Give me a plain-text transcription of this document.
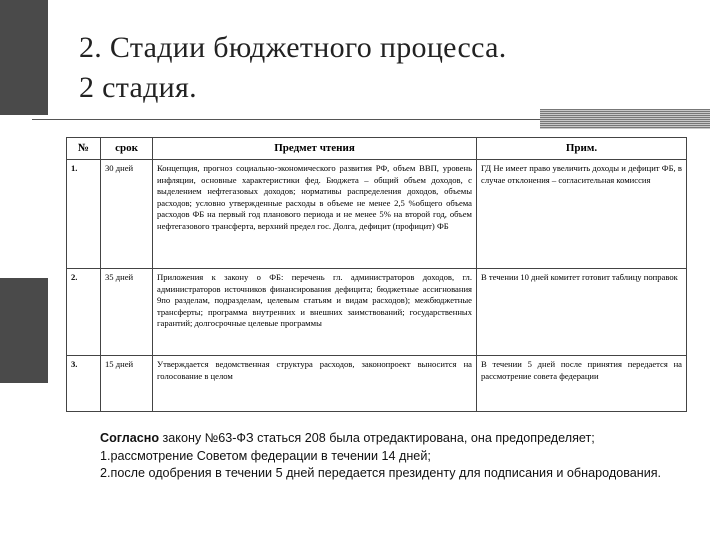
2. Стадии бюджетного процесса.
2 стадия.
№	срок	Предмет чтения	Прим.
1.	30 дней	Концепция, прогноз социально-экономического развития РФ, объем ВВП, уровень инфляции, основные характеристики фед. Бюджета – общий объем доходов, с выделением нефтегазовых доходов; нормативы распределения доходов, объемы расходов; условно утвержденные расходы в объеме не менее 2,5 %общего объема расходов ФБ на первый год планового периода и не менее 5% на второй год, объем нефтегазового трансферта, верхний предел гос. Долга, дефицит (профицит) ФБ	ГД Не имеет право увеличить доходы и дефицит ФБ, в случае отклонения – согласительная комиссия
2.	35 дней	Приложения к закону о ФБ: перечень гл. администраторов доходов, гл. администраторов источников финансирования дефицита; бюджетные ассигнования 9по разделам, подразделам, целевым статьям и видам расходов); межбюджетные трансферты; программа внутренних и внешних заимствований; государственных гарантий; долгосрочные целевые программы	В течении 10 дней комитет готовит таблицу поправок
3.	15 дней	Утверждается ведомственная структура расходов, законопроект выносится на голосование в целом	В течении 5 дней после принятия передается на рассмотрение совета федерации
Согласно закону №63-ФЗ статься 208 была отредактирована, она предопределяет;
1.рассмотрение Советом федерации в течении 14 дней;
2.после одобрения в течении 5 дней передается президенту для подписания и обнародования.
